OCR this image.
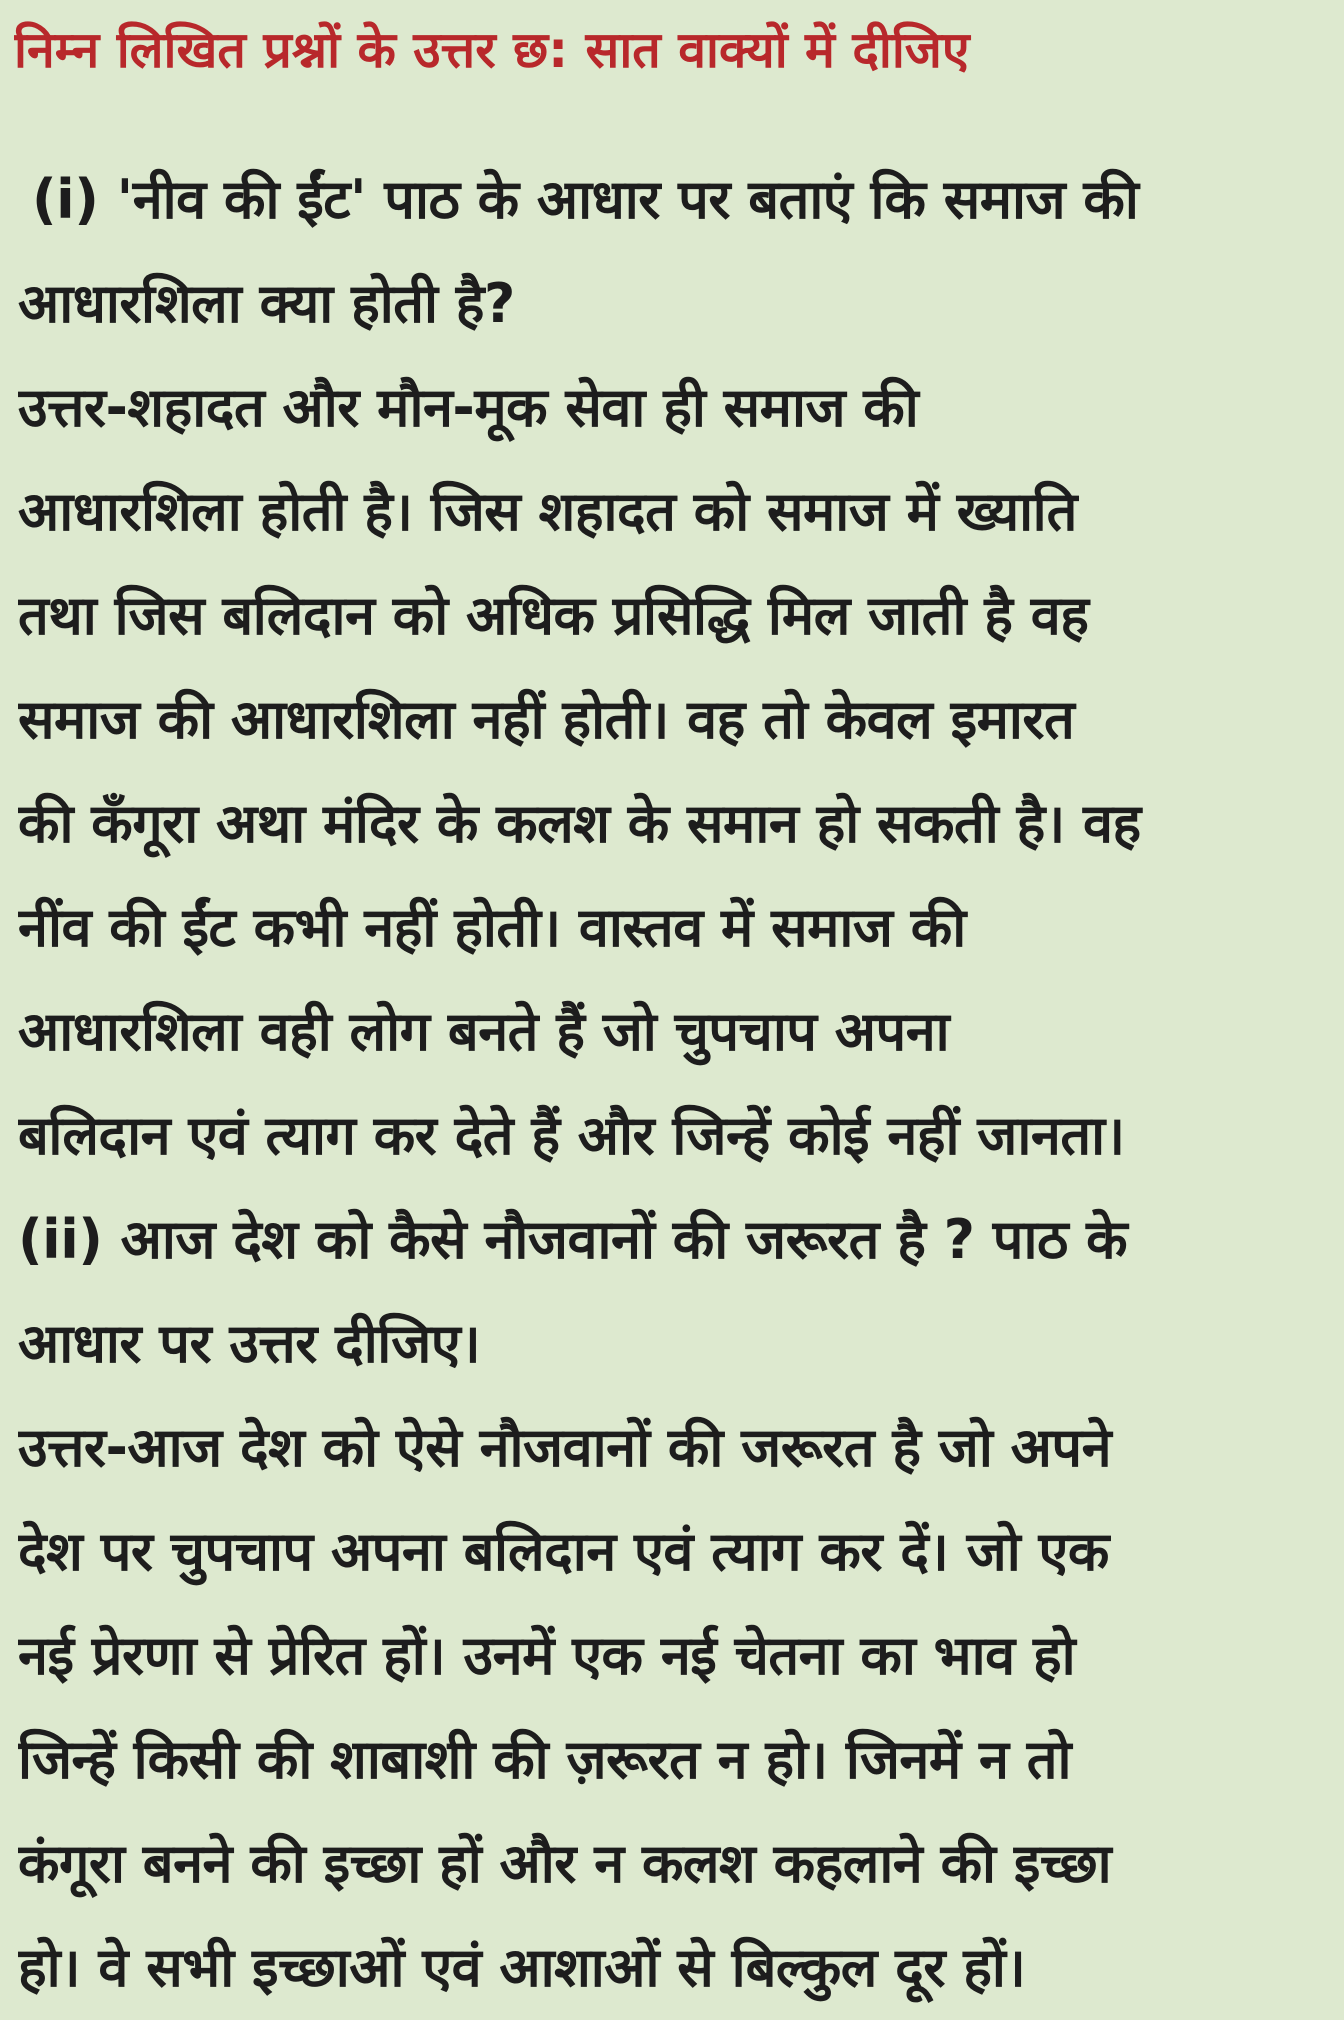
निम्न लिखित प्रश्नों के उत्तर छ: सात वाक्यों में दीजिए
(i) 'नीव की ईंट' पाठ के आधार पर बताएं कि समाज की
आधारशिला क्या होती है?
उत्तर-शहादत और मौन-मूक सेवा ही समाज की
आधारशिला होती है। जिस शहादत को समाज में ख्याति
तथा जिस बलिदान को अधिक प्रसिद्धि मिल जाती है वह
समाज की आधारशिला नहीं होती। वह तो केवल इमारत
की कँगूरा अथा मंदिर के कलश के समान हो सकती है। वह
नींव की ईंट कभी नहीं होती। वास्तव में समाज की
आधारशिला वही लोग बनते हैं जो चुपचाप अपना
बलिदान एवं त्याग कर देते हैं और जिन्हें कोई नहीं जानता।
(ii) आज देश को कैसे नौजवानों की जरूरत है ? पाठ के
आधार पर उत्तर दीजिए।
उत्तर-आज देश को ऐसे नौजवानों की जरूरत है जो अपने
देश पर चुपचाप अपना बलिदान एवं त्याग कर दें। जो एक
नई प्रेरणा से प्रेरित हों। उनमें एक नई चेतना का भाव हो
जिन्हें किसी की शाबाशी की ज़रूरत न हो। जिनमें न तो
कंगूरा बनने की इच्छा हों और न कलश कहलाने की इच्छा
हो। वे सभी इच्छाओं एवं आशाओं से बिल्कुल दूर हों।
